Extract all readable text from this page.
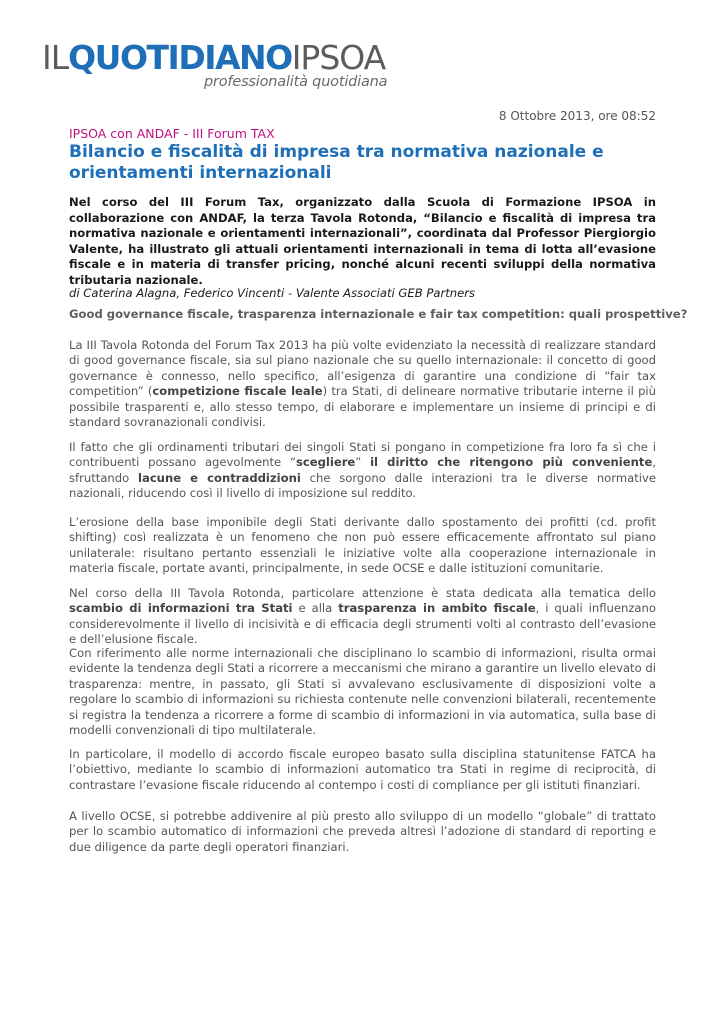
ILQUOTIDIANOIPSOA
professionalità quotidiana
8 Ottobre 2013, ore 08:52
IPSOA con ANDAF - III Forum TAX
Bilancio e fiscalità di impresa tra normativa nazionale e orientamenti internazionali

Nel corso del III Forum Tax, organizzato dalla Scuola di Formazione IPSOA in collaborazione con ANDAF, la terza Tavola Rotonda, “Bilancio e fiscalità di impresa tra normativa nazionale e orientamenti internazionali”, coordinata dal Professor Piergiorgio Valente, ha illustrato gli attuali orientamenti internazionali in tema di lotta all’evasione fiscale e in materia di transfer pricing, nonché alcuni recenti sviluppi della normativa tributaria nazionale.

di Caterina Alagna, Federico Vincenti - Valente Associati GEB Partners
Good governance fiscale, trasparenza internazionale e fair tax competition: quali prospettive?

La III Tavola Rotonda del Forum Tax 2013 ha più volte evidenziato la necessità di realizzare standard di good governance fiscale, sia sul piano nazionale che su quello internazionale: il concetto di good governance è connesso, nello specifico, all’esigenza di garantire una condizione di “fair tax competition” (competizione fiscale leale) tra Stati, di delineare normative tributarie interne il più possibile trasparenti e, allo stesso tempo, di elaborare e implementare un insieme di principi e di standard sovranazionali condivisi.

Il fatto che gli ordinamenti tributari dei singoli Stati si pongano in competizione fra loro fa sì che i contribuenti possano agevolmente “scegliere” il diritto che ritengono più conveniente, sfruttando lacune e contraddizioni che sorgono dalle interazioni tra le diverse normative nazionali, riducendo così il livello di imposizione sul reddito.

L’erosione della base imponibile degli Stati derivante dallo spostamento dei profitti (cd. profit shifting) così realizzata è un fenomeno che non può essere efficacemente affrontato sul piano unilaterale: risultano pertanto essenziali le iniziative volte alla cooperazione internazionale in materia fiscale, portate avanti, principalmente, in sede OCSE e dalle istituzioni comunitarie.

Nel corso della III Tavola Rotonda, particolare attenzione è stata dedicata alla tematica dello scambio di informazioni tra Stati e alla trasparenza in ambito fiscale, i quali influenzano considerevolmente il livello di incisività e di efficacia degli strumenti volti al contrasto dell’evasione e dell’elusione fiscale.

Con riferimento alle norme internazionali che disciplinano lo scambio di informazioni, risulta ormai evidente la tendenza degli Stati a ricorrere a meccanismi che mirano a garantire un livello elevato di trasparenza: mentre, in passato, gli Stati si avvalevano esclusivamente di disposizioni volte a regolare lo scambio di informazioni su richiesta contenute nelle convenzioni bilaterali, recentemente si registra la tendenza a ricorrere a forme di scambio di informazioni in via automatica, sulla base di modelli convenzionali di tipo multilaterale.

In particolare, il modello di accordo fiscale europeo basato sulla disciplina statunitense FATCA ha l’obiettivo, mediante lo scambio di informazioni automatico tra Stati in regime di reciprocità, di contrastare l’evasione fiscale riducendo al contempo i costi di compliance per gli istituti finanziari.

A livello OCSE, si potrebbe addivenire al più presto allo sviluppo di un modello “globale” di trattato per lo scambio automatico di informazioni che preveda altresì l’adozione di standard di reporting e due diligence da parte degli operatori finanziari.
